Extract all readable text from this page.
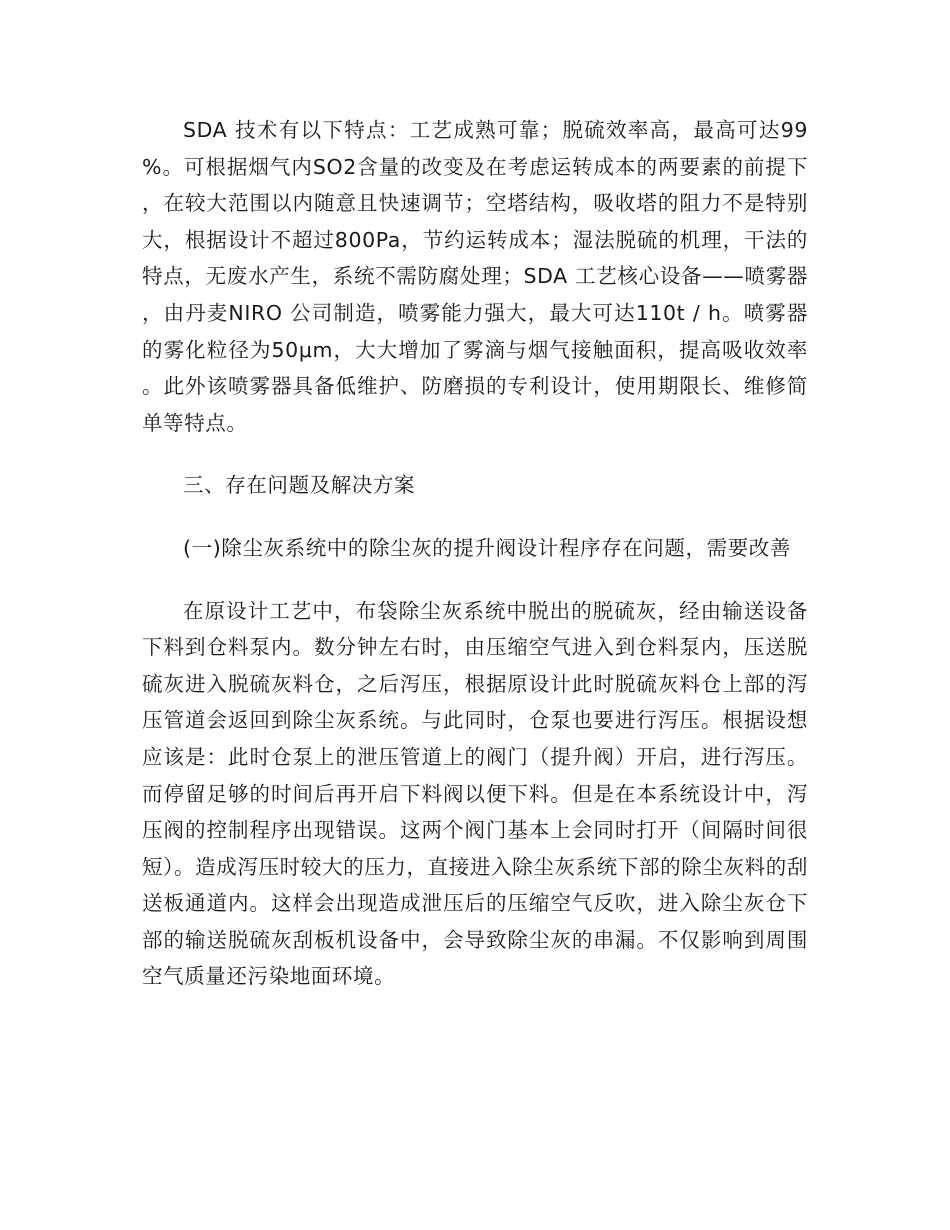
SDA 技术有以下特点：工艺成熟可靠；脱硫效率高，最高可达99%。可根据烟气内SO2含量的改变及在考虑运转成本的两要素的前提下，在较大范围以内随意且快速调节；空塔结构，吸收塔的阻力不是特别大，根据设计不超过800Pa，节约运转成本；湿法脱硫的机理，干法的特点，无废水产生，系统不需防腐处理；SDA 工艺核心设备——喷雾器，由丹麦NIRO 公司制造，喷雾能力强大，最大可达110t / h。喷雾器的雾化粒径为50μm，大大增加了雾滴与烟气接触面积，提高吸收效率。此外该喷雾器具备低维护、防磨损的专利设计，使用期限长、维修简单等特点。

三、存在问题及解决方案

(一)除尘灰系统中的除尘灰的提升阀设计程序存在问题，需要改善

在原设计工艺中，布袋除尘灰系统中脱出的脱硫灰，经由输送设备下料到仓料泵内。数分钟左右时，由压缩空气进入到仓料泵内，压送脱硫灰进入脱硫灰料仓，之后泻压，根据原设计此时脱硫灰料仓上部的泻压管道会返回到除尘灰系统。与此同时，仓泵也要进行泻压。根据设想应该是：此时仓泵上的泄压管道上的阀门（提升阀）开启，进行泻压。而停留足够的时间后再开启下料阀以便下料。但是在本系统设计中，泻压阀的控制程序出现错误。这两个阀门基本上会同时打开（间隔时间很短）。造成泻压时较大的压力，直接进入除尘灰系统下部的除尘灰料的刮送板通道内。这样会出现造成泄压后的压缩空气反吹，进入除尘灰仓下部的输送脱硫灰刮板机设备中，会导致除尘灰的串漏。不仅影响到周围空气质量还污染地面环境。
